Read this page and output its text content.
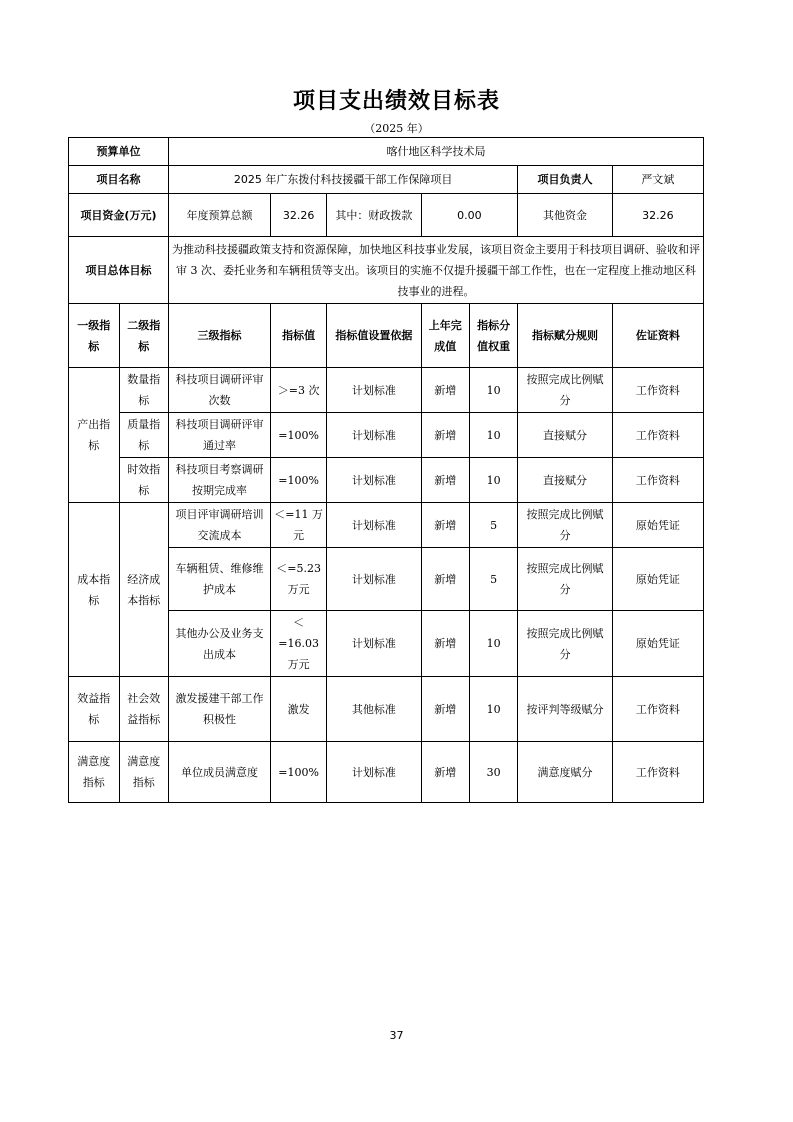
项目支出绩效目标表
（2025 年）
预算单位		喀什地区科学技术局						
项目名称		2025 年广东拨付科技援疆干部工作保障项目					项目负责人	严文斌
项目资金(万元)		年度预算总额	32.26	其中：财政拨款	0.00		其他资金	32.26
项目总体目标		为推动科技援疆政策支持和资源保障，加快地区科技事业发展，该项目资金主要用于科技项目调研、验收和评审 3 次、委托业务和车辆租赁等支出。该项目的实施不仅提升援疆干部工作性，也在一定程度上推动地区科技事业的进程。						
一级指标	二级指标	三级指标	指标值	指标值设置依据	上年完成值	指标分值权重	指标赋分规则	佐证资料
产出指标	数量指标	科技项目调研评审次数	＞=3 次	计划标准	新增	10	按照完成比例赋分	工作资料
	质量指标	科技项目调研评审通过率	=100%	计划标准	新增	10	直接赋分	工作资料
	时效指标	科技项目考察调研按期完成率	=100%	计划标准	新增	10	直接赋分	工作资料
成本指标	经济成本指标	项目评审调研培训交流成本	＜=11 万元	计划标准	新增	5	按照完成比例赋分	原始凭证
		车辆租赁、维修维护成本	＜=5.23 万元	计划标准	新增	5	按照完成比例赋分	原始凭证
		其他办公及业务支出成本	＜=16.03 万元	计划标准	新增	10	按照完成比例赋分	原始凭证
效益指标	社会效益指标	激发援建干部工作积极性	激发	其他标准	新增	10	按评判等级赋分	工作资料
满意度指标	满意度指标	单位成员满意度	=100%	计划标准	新增	30	满意度赋分	工作资料
37
